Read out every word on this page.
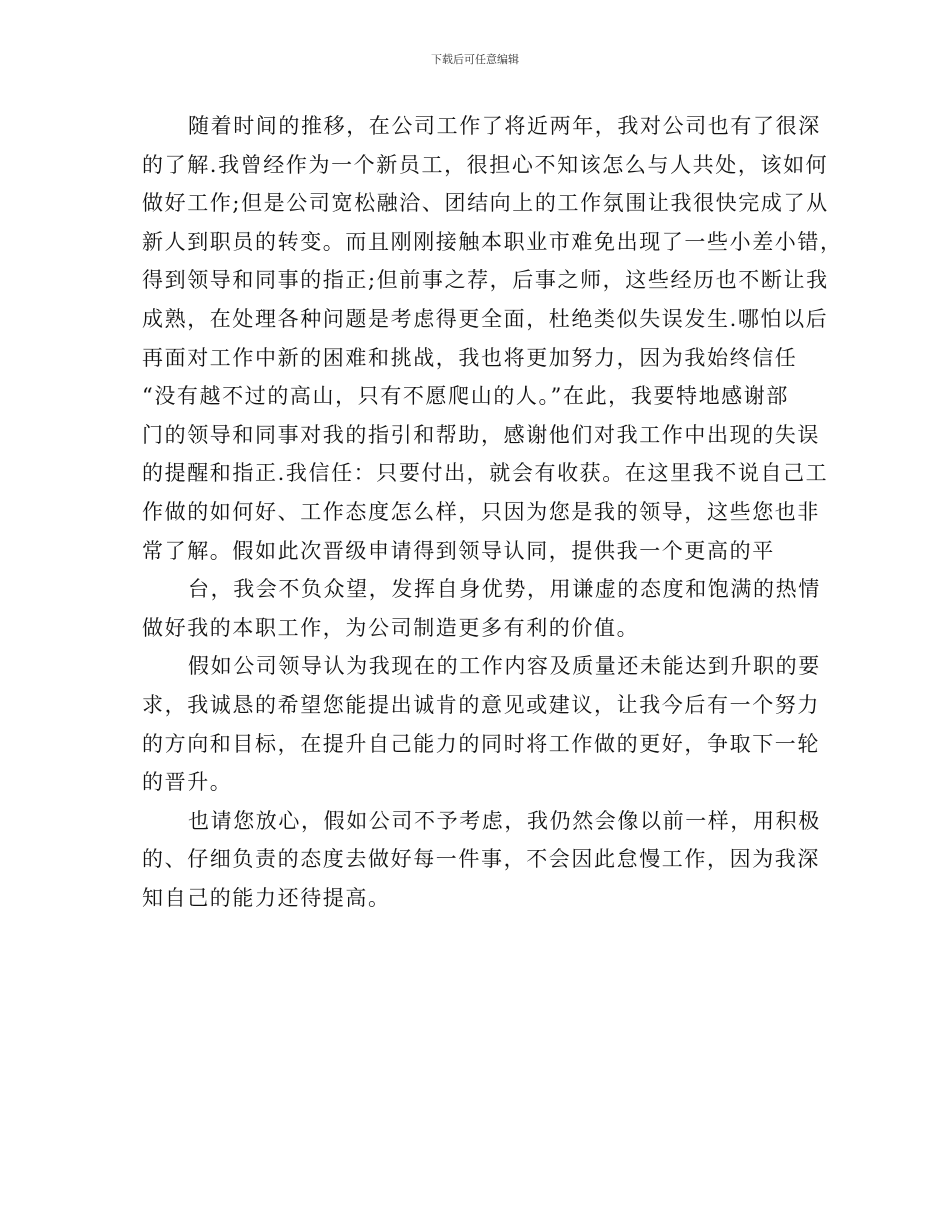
下载后可任意编辑

随着时间的推移，在公司工作了将近两年，我对公司也有了很深
的了解.我曾经作为一个新员工，很担心不知该怎么与人共处，该如何
做好工作;但是公司宽松融洽、团结向上的工作氛围让我很快完成了从
新人到职员的转变。而且刚刚接触本职业市难免出现了一些小差小错，
得到领导和同事的指正;但前事之荐，后事之师，这些经历也不断让我
成熟，在处理各种问题是考虑得更全面，杜绝类似失误发生.哪怕以后
再面对工作中新的困难和挑战，我也将更加努力，因为我始终信任
“没有越不过的高山，只有不愿爬山的人。”在此，我要特地感谢部
门的领导和同事对我的指引和帮助，感谢他们对我工作中出现的失误
的提醒和指正.我信任：只要付出，就会有收获。在这里我不说自己工
作做的如何好、工作态度怎么样，只因为您是我的领导，这些您也非
常了解。假如此次晋级申请得到领导认同，提供我一个更高的平

台，我会不负众望，发挥自身优势，用谦虚的态度和饱满的热情
做好我的本职工作，为公司制造更多有利的价值。

假如公司领导认为我现在的工作内容及质量还未能达到升职的要
求，我诚恳的希望您能提出诚肯的意见或建议，让我今后有一个努力
的方向和目标，在提升自己能力的同时将工作做的更好，争取下一轮
的晋升。

也请您放心，假如公司不予考虑，我仍然会像以前一样，用积极
的、仔细负责的态度去做好每一件事，不会因此怠慢工作，因为我深
知自己的能力还待提高。
